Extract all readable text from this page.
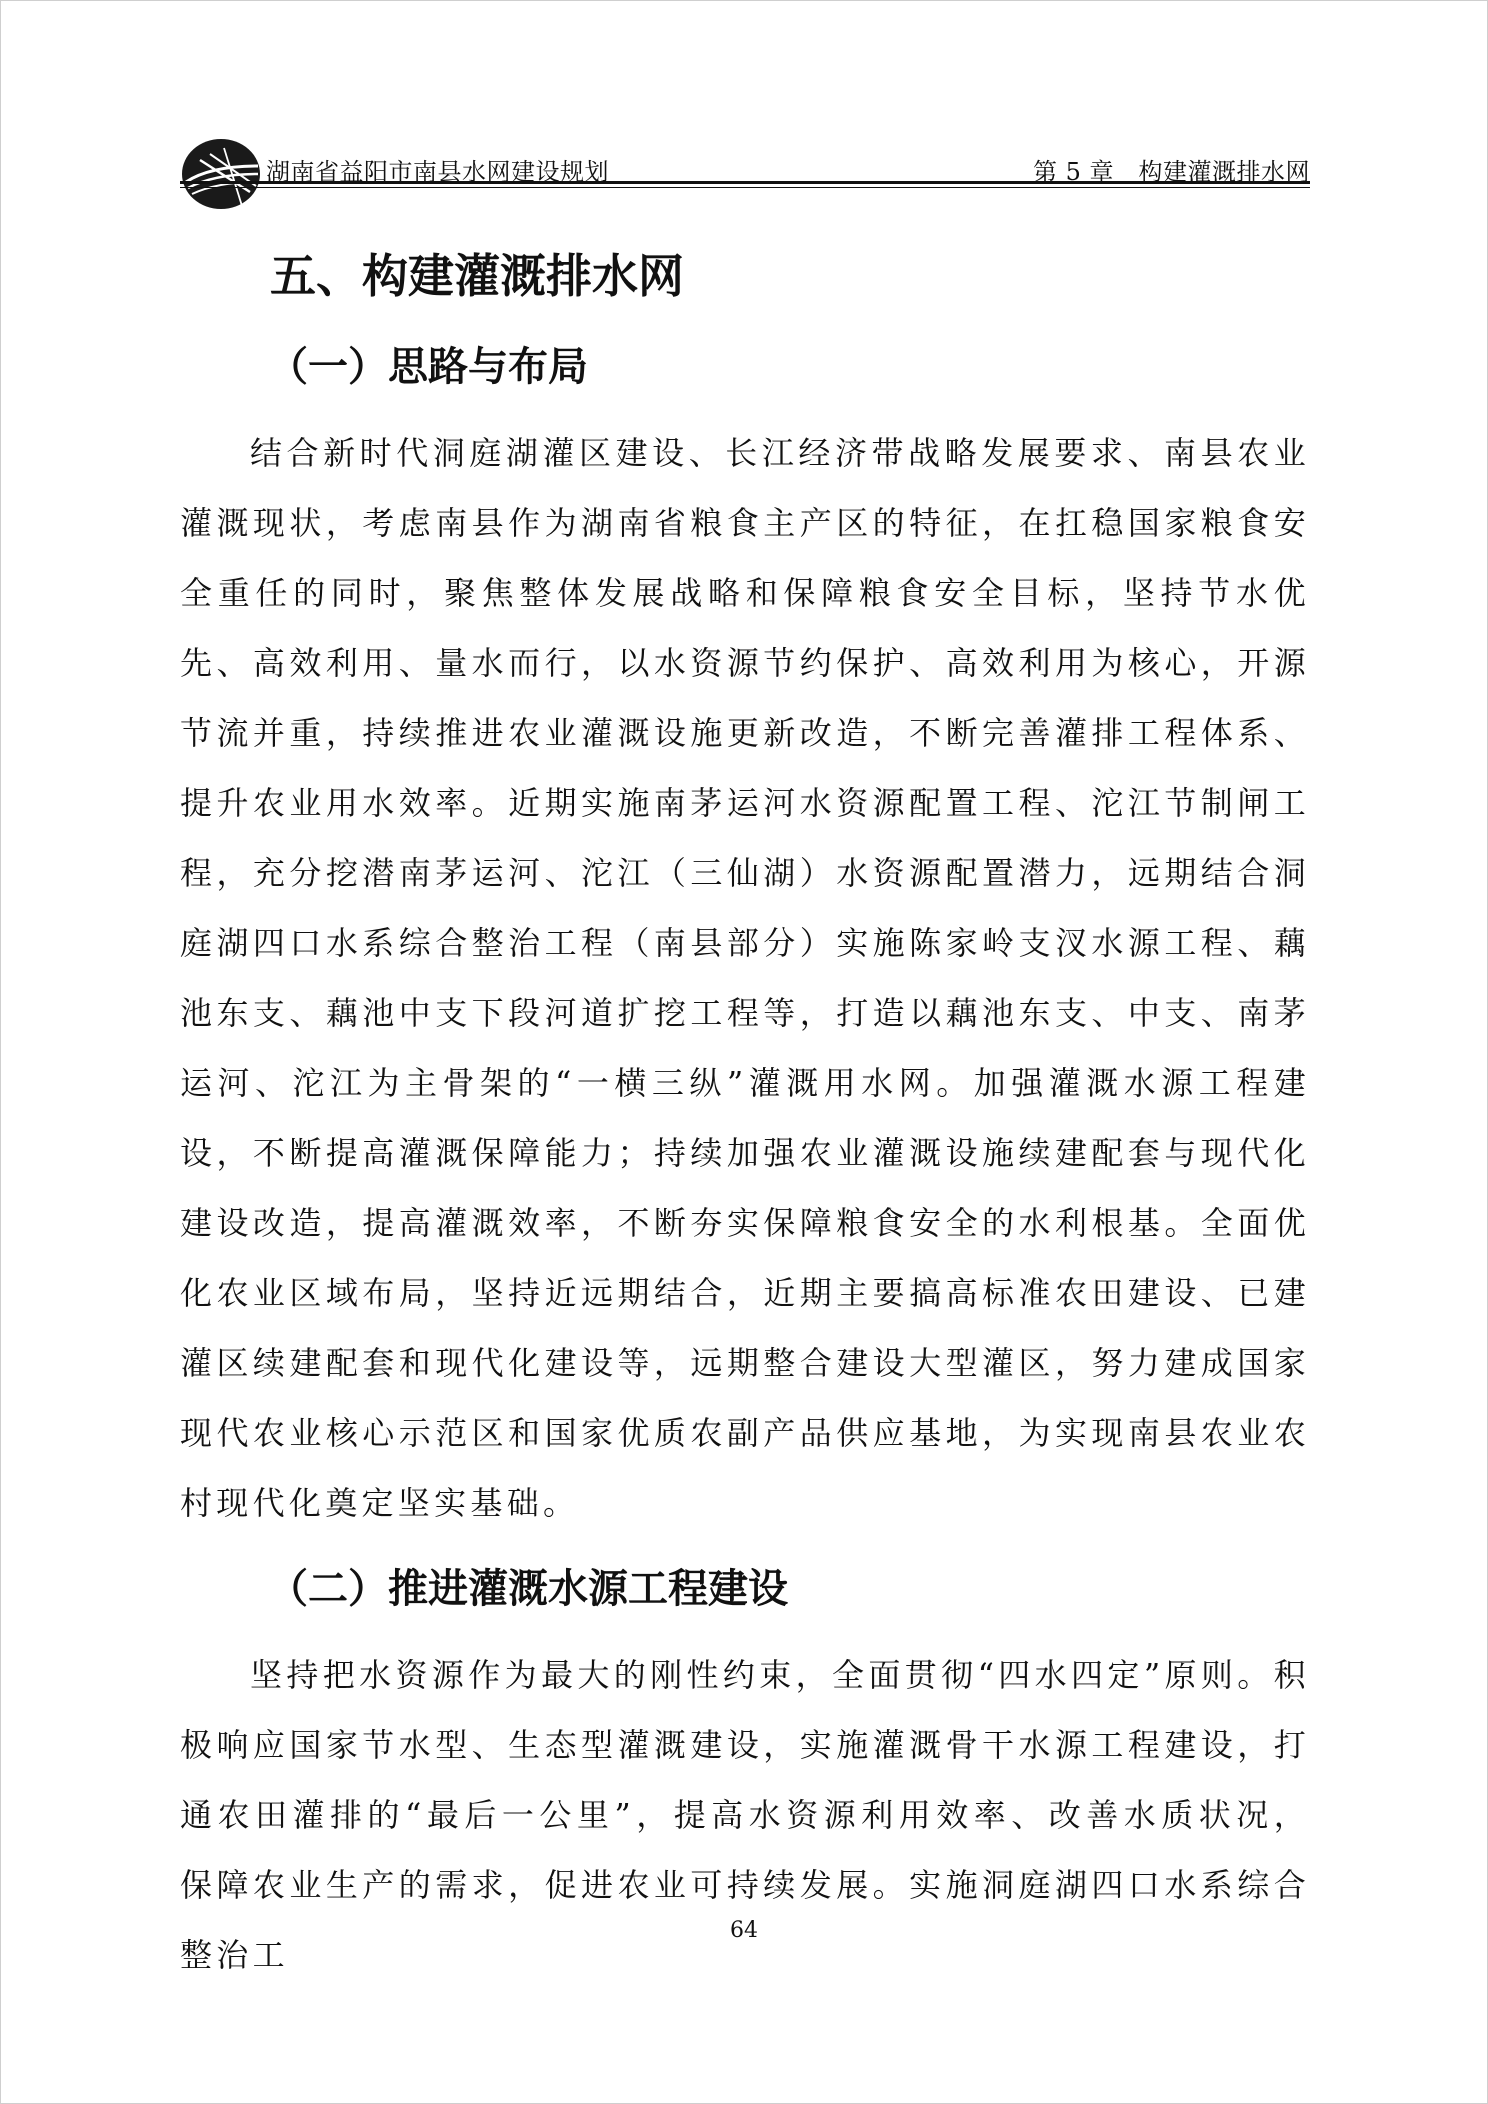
湖南省益阳市南县水网建设规划	第 5 章　构建灌溉排水网
五、构建灌溉排水网
（一）思路与布局

结合新时代洞庭湖灌区建设、长江经济带战略发展要求、南县农业灌溉现状，考虑南县作为湖南省粮食主产区的特征，在扛稳国家粮食安全重任的同时，聚焦整体发展战略和保障粮食安全目标，坚持节水优先、高效利用、量水而行，以水资源节约保护、高效利用为核心，开源节流并重，持续推进农业灌溉设施更新改造，不断完善灌排工程体系、提升农业用水效率。近期实施南茅运河水资源配置工程、沱江节制闸工程，充分挖潜南茅运河、沱江（三仙湖）水资源配置潜力，远期结合洞庭湖四口水系综合整治工程（南县部分）实施陈家岭支汊水源工程、藕池东支、藕池中支下段河道扩挖工程等，打造以藕池东支、中支、南茅运河、沱江为主骨架的“一横三纵”灌溉用水网。加强灌溉水源工程建设，不断提高灌溉保障能力；持续加强农业灌溉设施续建配套与现代化建设改造，提高灌溉效率，不断夯实保障粮食安全的水利根基。全面优化农业区域布局，坚持近远期结合，近期主要搞高标准农田建设、已建灌区续建配套和现代化建设等，远期整合建设大型灌区，努力建成国家现代农业核心示范区和国家优质农副产品供应基地，为实现南县农业农村现代化奠定坚实基础。

（二）推进灌溉水源工程建设

坚持把水资源作为最大的刚性约束，全面贯彻“四水四定”原则。积极响应国家节水型、生态型灌溉建设，实施灌溉骨干水源工程建设，打通农田灌排的“最后一公里”，提高水资源利用效率、改善水质状况，保障农业生产的需求，促进农业可持续发展。实施洞庭湖四口水系综合整治工

64
